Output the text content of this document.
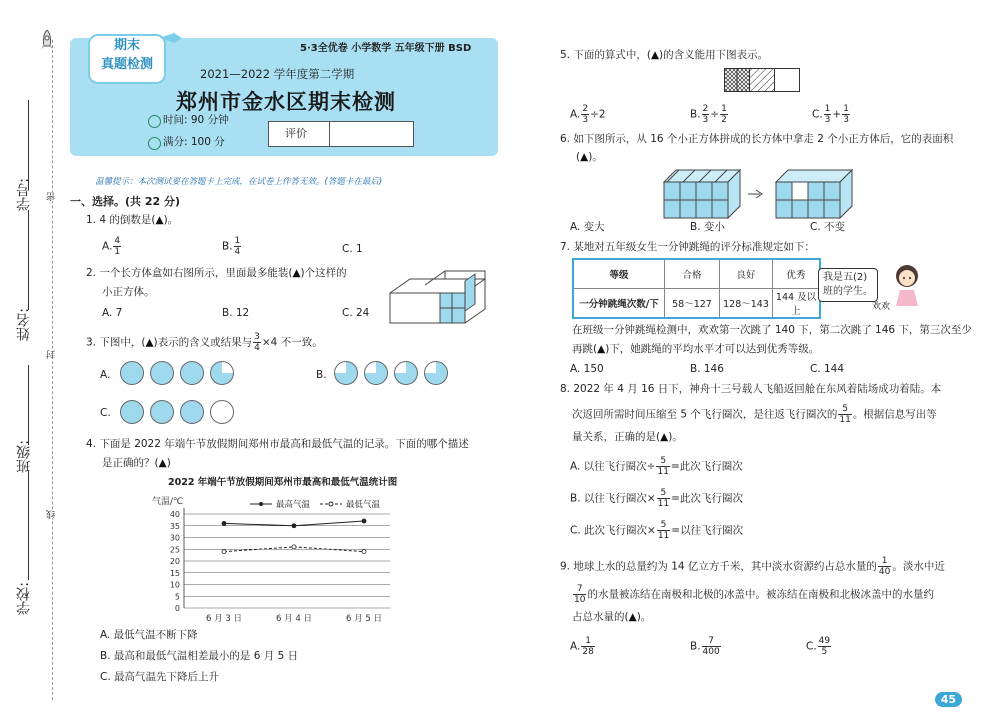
学号: 密
姓名:
封
班级:
线
学校:
期末
真题检测
5·3全优卷 小学数学 五年级下册 BSD
2021—2022 学年度第二学期
郑州市金水区期末检测
时间: 90 分钟
满分: 100 分
评价
温馨提示：本次测试要在答题卡上完成，在试卷上作答无效。(答题卡在最后)
一、选择。(共 22 分)
1. 4 的倒数是(▲)。
A. $\frac{4}{1}$	B. $\frac{1}{4}$	C. 1
2. 一个长方体盒如右图所示，里面最多能装(▲)个这样的
小正方体。
A. 7	B. 12	C. 24
3. 下图中，(▲)表示的含义或结果与 $\frac{3}{4} \times 4$ 不一致。
A.	B.
C.
4. 下面是 2022 年端午节放假期间郑州市最高和最低气温的记录。下面的哪个描述
是正确的？(▲)
2022 年端午节放假期间郑州市最高和最低气温统计图
0
5
10
15
20
25
30
35
40
气温/℃
6 月 3 日	6 月 4 日	6 月 5 日
最高气温	最低气温
A. 最低气温不断下降
B. 最高和最低气温相差最小的是 6 月 5 日
C. 最高气温先下降后上升
5. 下面的算式中，(▲)的含义能用下图表示。
A. $\frac{2}{3} \div 2$	B. $\frac{2}{3} \div \frac{1}{2}$	C. $\frac{1}{3} + \frac{1}{3}$
6. 如下图所示，从 16 个小正方体拼成的长方体中拿走 2 个小正方体后，它的表面积
(▲)。
A. 变大	B. 变小	C. 不变
7. 某地对五年级女生一分钟跳绳的评分标准规定如下：
等级	合格	良好	优秀
一分钟跳绳次数/下	58～127	128～143	144 及以上
我是五(2)
班的学生。
欢欢
在班级一分钟跳绳检测中，欢欢第一次跳了 140 下，第二次跳了 146 下，第三次至少
再跳(▲)下，她跳绳的平均水平才可以达到优秀等级。
A. 150	B. 146	C. 144
8. 2022 年 4 月 16 日下，神舟十三号载人飞船返回舱在东风着陆场成功着陆。本
次返回所需时间压缩至 5 个飞行圈次，是往返飞行圈次的 $\frac{5}{11}$ 。根据信息写出等
量关系，正确的是(▲)。
A. 以往飞行圈次÷ $\frac{5}{11}$ =此次飞行圈次
B. 以往飞行圈次× $\frac{5}{11}$ =此次飞行圈次
C. 此次飞行圈次× $\frac{5}{11}$ =以往飞行圈次
9. 地球上水的总量约为 14 亿立方千米，其中淡水资源约占总水量的 $\frac{1}{40}$ 。淡水中近
$\frac{7}{10}$ 的水量被冻结在南极和北极的冰盖中。被冻结在南极和北极冰盖中的水量约
占总水量的(▲)。
A. $\frac{1}{28}$	B. $\frac{7}{400}$	C. $\frac{49}{5}$
45
